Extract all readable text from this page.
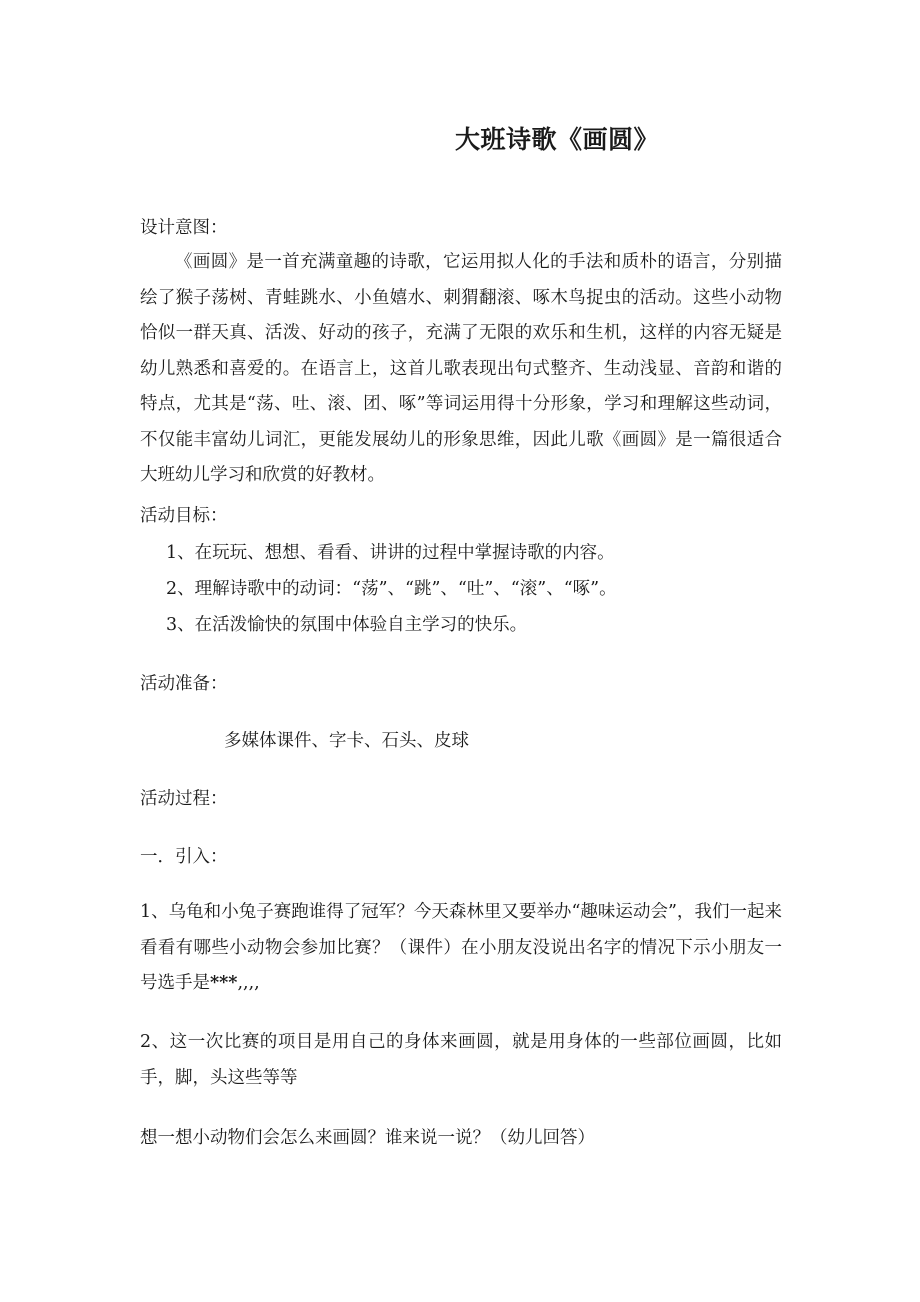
大班诗歌《画圆》
设计意图：

《画圆》是一首充满童趣的诗歌，它运用拟人化的手法和质朴的语言，分别描绘了猴子荡树、青蛙跳水、小鱼嬉水、刺猬翻滚、啄木鸟捉虫的活动。这些小动物恰似一群天真、活泼、好动的孩子，充满了无限的欢乐和生机，这样的内容无疑是幼儿熟悉和喜爱的。在语言上，这首儿歌表现出句式整齐、生动浅显、音韵和谐的特点，尤其是“荡、吐、滚、团、啄”等词运用得十分形象，学习和理解这些动词，不仅能丰富幼儿词汇，更能发展幼儿的形象思维，因此儿歌《画圆》是一篇很适合大班幼儿学习和欣赏的好教材。

活动目标：
1、在玩玩、想想、看看、讲讲的过程中掌握诗歌的内容。
2、理解诗歌中的动词：“荡”、“跳”、“吐”、“滚”、“啄”。
3、在活泼愉快的氛围中体验自主学习的快乐。
活动准备：
多媒体课件、字卡、石头、皮球
活动过程：
一．引入：

1、乌龟和小兔子赛跑谁得了冠军？今天森林里又要举办“趣味运动会”，我们一起来看看有哪些小动物会参加比赛？（课件）在小朋友没说出名字的情况下示小朋友一号选手是***,,,,

2、这一次比赛的项目是用自己的身体来画圆，就是用身体的一些部位画圆，比如手，脚，头这些等等

想一想小动物们会怎么来画圆？谁来说一说？（幼儿回答）
